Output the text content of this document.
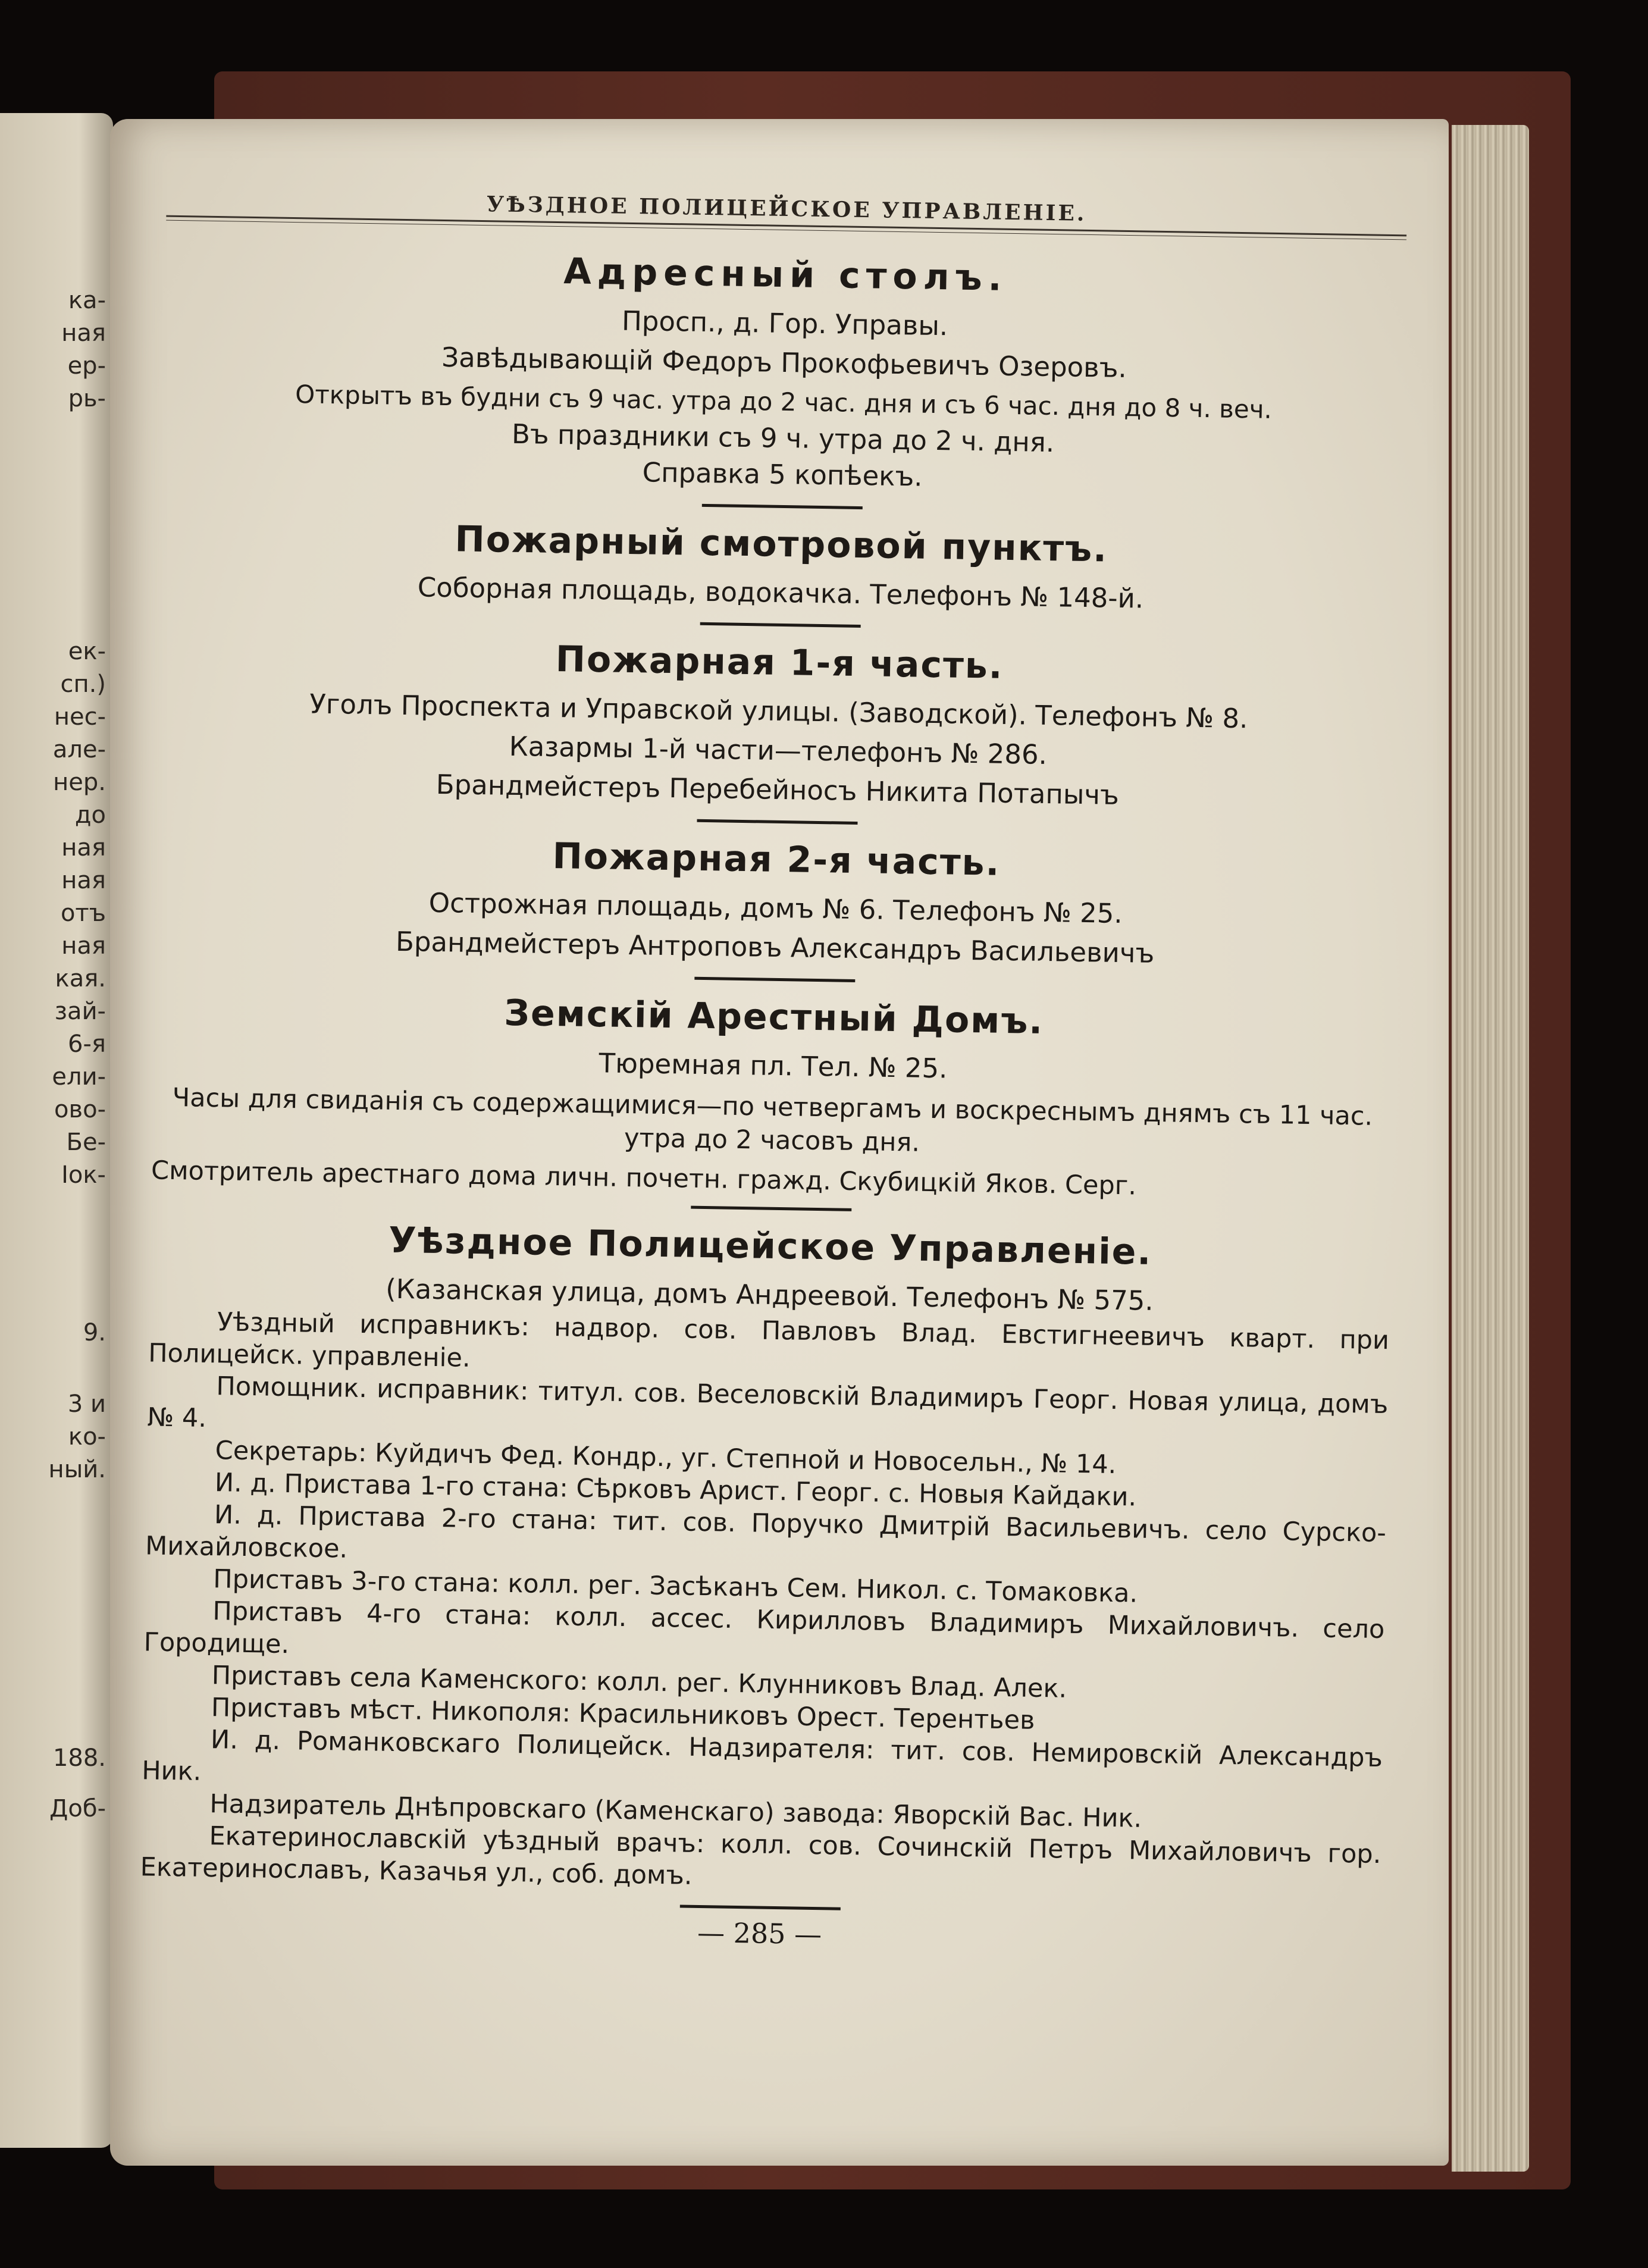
ка-
ная
ер-
рь-
ек-
сп.)
нес-
але-
нер.
до
ная
ная
отъ
ная
кая.
зай-
6-я
ели-
ово-
Бе-
Iок-
9.
3 и
ко-
ный.
188.
Доб-
УѢЗДНОЕ ПОЛИЦЕЙСКОЕ УПРАВЛЕНІЕ.
Адресный столъ.

Просп., д. Гор. Управы.

Завѣдывающій Федоръ Прокофьевичъ Озеровъ.

Открытъ въ будни съ 9 час. утра до 2 час. дня и съ 6 час. дня до 8 ч. веч.

Въ праздники съ 9 ч. утра до 2 ч. дня.

Справка 5 копѣекъ.

Пожарный смотровой пунктъ.

Соборная площадь, водокачка. Телефонъ № 148-й.

Пожарная 1-я часть.

Уголъ Проспекта и Управской улицы. (Заводской). Телефонъ № 8.

Казармы 1-й части—телефонъ № 286.

Брандмейстеръ Перебейносъ Никита Потапычъ

Пожарная 2-я часть.

Острожная площадь, домъ № 6. Телефонъ № 25.

Брандмейстеръ Антроповъ Александръ Васильевичъ

Земскій Арестный Домъ.

Тюремная пл. Тел. № 25.

Часы для свиданія съ содержащимися—по четвергамъ и воскреснымъ днямъ съ 11 час. утра до 2 часовъ дня.

Смотритель арестнаго дома личн. почетн. гражд. Скубицкій Яков. Серг.

Уѣздное Полицейское Управленіе.

(Казанская улица, домъ Андреевой. Телефонъ № 575.

Уѣздный исправникъ: надвор. сов. Павловъ Влад. Евстигнеевичъ кварт. при Полицейск. управленіе.

Помощник. исправник: титул. сов. Веселовскій Владимиръ Георг. Новая улица, домъ № 4.

Секретарь: Куйдичъ Фед. Кондр., уг. Степной и Новосельн., № 14.

И. д. Пристава 1-го стана: Сѣрковъ Арист. Георг. с. Новыя Кайдаки.

И. д. Пристава 2-го стана: тит. сов. Поручко Дмитрій Васильевичъ. село Сурско-Михайловское.

Приставъ 3-го стана: колл. рег. Засѣканъ Сем. Никол. с. Томаковка.

Приставъ 4-го стана: колл. ассес. Кирилловъ Владимиръ Михайловичъ. село Городище.

Приставъ села Каменского: колл. рег. Клунниковъ Влад. Алек.

Приставъ мѣст. Никополя: Красильниковъ Орест. Терентьев

И. д. Романковскаго Полицейск. Надзирателя: тит. сов. Немировскій Александръ Ник.

Надзиратель Днѣпровскаго (Каменскаго) завода: Яворскій Вас. Ник.

Екатеринославскій уѣздный врачъ: колл. сов. Сочинскій Петръ Михайловичъ гор. Екатеринославъ, Казачья ул., соб. домъ.

— 285 —
